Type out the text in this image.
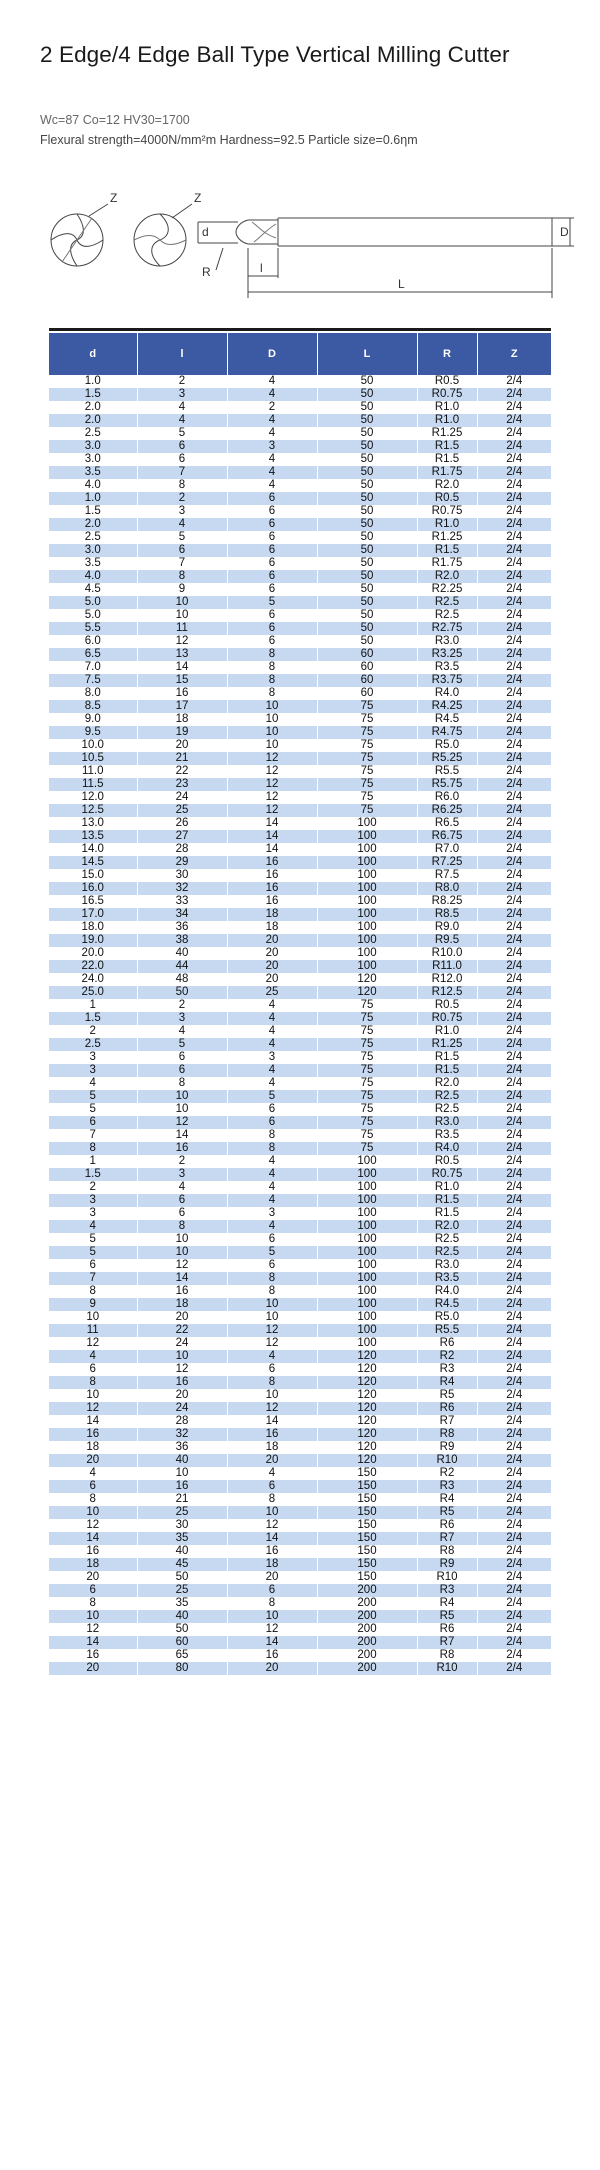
2 Edge/4 Edge Ball Type Vertical Milling Cutter
Wc=87 Co=12 HV30=1700
Flexural strength=4000N/mm²m Hardness=92.5 Particle size=0.6ηm
Z	Z
d
R	l
L
D
d	l	D	L	R	Z
1.0	2	4	50	R0.5	2/4
1.5	3	4	50	R0.75	2/4
2.0	4	2	50	R1.0	2/4
2.0	4	4	50	R1.0	2/4
2.5	5	4	50	R1.25	2/4
3.0	6	3	50	R1.5	2/4
3.0	6	4	50	R1.5	2/4
3.5	7	4	50	R1.75	2/4
4.0	8	4	50	R2.0	2/4
1.0	2	6	50	R0.5	2/4
1.5	3	6	50	R0.75	2/4
2.0	4	6	50	R1.0	2/4
2.5	5	6	50	R1.25	2/4
3.0	6	6	50	R1.5	2/4
3.5	7	6	50	R1.75	2/4
4.0	8	6	50	R2.0	2/4
4.5	9	6	50	R2.25	2/4
5.0	10	5	50	R2.5	2/4
5.0	10	6	50	R2.5	2/4
5.5	11	6	50	R2.75	2/4
6.0	12	6	50	R3.0	2/4
6.5	13	8	60	R3.25	2/4
7.0	14	8	60	R3.5	2/4
7.5	15	8	60	R3.75	2/4
8.0	16	8	60	R4.0	2/4
8.5	17	10	75	R4.25	2/4
9.0	18	10	75	R4.5	2/4
9.5	19	10	75	R4.75	2/4
10.0	20	10	75	R5.0	2/4
10.5	21	12	75	R5.25	2/4
11.0	22	12	75	R5.5	2/4
11.5	23	12	75	R5.75	2/4
12.0	24	12	75	R6.0	2/4
12.5	25	12	75	R6.25	2/4
13.0	26	14	100	R6.5	2/4
13.5	27	14	100	R6.75	2/4
14.0	28	14	100	R7.0	2/4
14.5	29	16	100	R7.25	2/4
15.0	30	16	100	R7.5	2/4
16.0	32	16	100	R8.0	2/4
16.5	33	16	100	R8.25	2/4
17.0	34	18	100	R8.5	2/4
18.0	36	18	100	R9.0	2/4
19.0	38	20	100	R9.5	2/4
20.0	40	20	100	R10.0	2/4
22.0	44	20	100	R11.0	2/4
24.0	48	20	120	R12.0	2/4
25.0	50	25	120	R12.5	2/4
1	2	4	75	R0.5	2/4
1.5	3	4	75	R0.75	2/4
2	4	4	75	R1.0	2/4
2.5	5	4	75	R1.25	2/4
3	6	3	75	R1.5	2/4
3	6	4	75	R1.5	2/4
4	8	4	75	R2.0	2/4
5	10	5	75	R2.5	2/4
5	10	6	75	R2.5	2/4
6	12	6	75	R3.0	2/4
7	14	8	75	R3.5	2/4
8	16	8	75	R4.0	2/4
1	2	4	100	R0.5	2/4
1.5	3	4	100	R0.75	2/4
2	4	4	100	R1.0	2/4
3	6	4	100	R1.5	2/4
3	6	3	100	R1.5	2/4
4	8	4	100	R2.0	2/4
5	10	6	100	R2.5	2/4
5	10	5	100	R2.5	2/4
6	12	6	100	R3.0	2/4
7	14	8	100	R3.5	2/4
8	16	8	100	R4.0	2/4
9	18	10	100	R4.5	2/4
10	20	10	100	R5.0	2/4
11	22	12	100	R5.5	2/4
12	24	12	100	R6	2/4
4	10	4	120	R2	2/4
6	12	6	120	R3	2/4
8	16	8	120	R4	2/4
10	20	10	120	R5	2/4
12	24	12	120	R6	2/4
14	28	14	120	R7	2/4
16	32	16	120	R8	2/4
18	36	18	120	R9	2/4
20	40	20	120	R10	2/4
4	10	4	150	R2	2/4
6	16	6	150	R3	2/4
8	21	8	150	R4	2/4
10	25	10	150	R5	2/4
12	30	12	150	R6	2/4
14	35	14	150	R7	2/4
16	40	16	150	R8	2/4
18	45	18	150	R9	2/4
20	50	20	150	R10	2/4
6	25	6	200	R3	2/4
8	35	8	200	R4	2/4
10	40	10	200	R5	2/4
12	50	12	200	R6	2/4
14	60	14	200	R7	2/4
16	65	16	200	R8	2/4
20	80	20	200	R10	2/4
